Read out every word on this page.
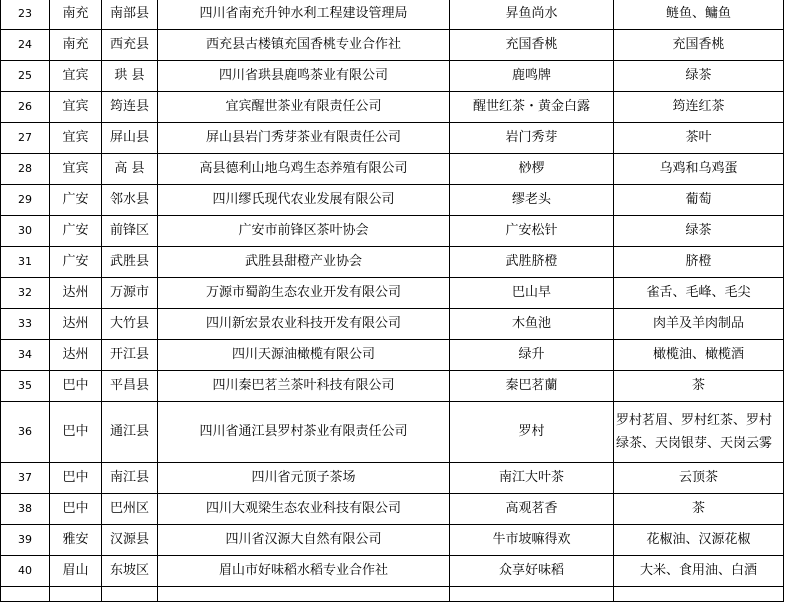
23	南充	南部县	四川省南充升钟水利工程建设管理局	昇鱼尚水	鲢鱼、鳙鱼
24	南充	西充县	西充县古楼镇充国香桃专业合作社	充国香桃	充国香桃
25	宜宾	珙 县	四川省珙县鹿鸣茶业有限公司	鹿鸣牌	绿茶
26	宜宾	筠连县	宜宾醒世茶业有限责任公司	醒世红茶・黄金白露	筠连红茶
27	宜宾	屏山县	屏山县岩门秀芽茶业有限责任公司	岩门秀芽	茶叶
28	宜宾	高 县	高县德利山地乌鸡生态养殖有限公司	桫椤	乌鸡和乌鸡蛋
29	广安	邻水县	四川缪氏现代农业发展有限公司	缪老头	葡萄
30	广安	前锋区	广安市前锋区茶叶协会	广安松针	绿茶
31	广安	武胜县	武胜县甜橙产业协会	武胜脐橙	脐橙
32	达州	万源市	万源市蜀韵生态农业开发有限公司	巴山早	雀舌、毛峰、毛尖
33	达州	大竹县	四川新宏景农业科技开发有限公司	木鱼池	肉羊及羊肉制品
34	达州	开江县	四川天源油橄榄有限公司	绿升	橄榄油、橄榄酒
35	巴中	平昌县	四川秦巴茗兰茶叶科技有限公司	秦巴茗蘭	茶
36	巴中	通江县	四川省通江县罗村茶业有限责任公司	罗村	罗村茗眉、罗村红茶、罗村绿茶、天岗银芽、天岗云雾
37	巴中	南江县	四川省元顶子茶场	南江大叶茶	云顶茶
38	巴中	巴州区	四川大观梁生态农业科技有限公司	高观茗香	茶
39	雅安	汉源县	四川省汉源大自然有限公司	牛市坡嘛得欢	花椒油、汉源花椒
40	眉山	东坡区	眉山市好味稻水稻专业合作社	众享好味稻	大米、食用油、白酒
